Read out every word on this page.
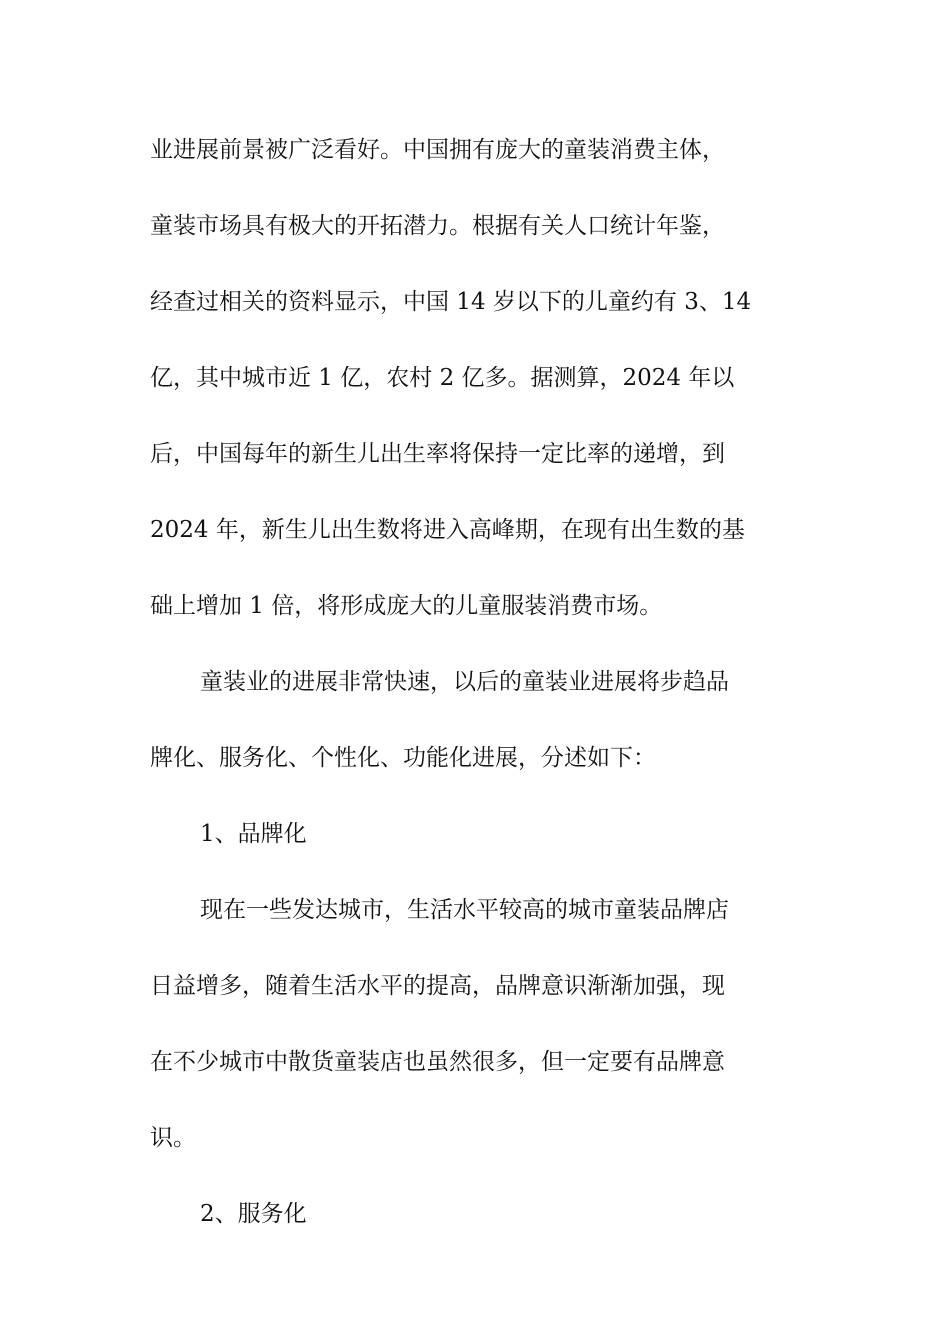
业进展前景被广泛看好。中国拥有庞大的童装消费主体，
童装市场具有极大的开拓潜力。根据有关人口统计年鉴，
经查过相关的资料显示，中国 14 岁以下的儿童约有 3、14
亿，其中城市近 1 亿，农村 2 亿多。据测算，2024 年以
后，中国每年的新生儿出生率将保持一定比率的递增，到
2024 年，新生儿出生数将进入高峰期，在现有出生数的基
础上增加 1 倍，将形成庞大的儿童服装消费市场。
童装业的进展非常快速，以后的童装业进展将步趋品
牌化、服务化、个性化、功能化进展，分述如下：
1、品牌化
现在一些发达城市，生活水平较高的城市童装品牌店
日益增多，随着生活水平的提高，品牌意识渐渐加强，现
在不少城市中散货童装店也虽然很多，但一定要有品牌意
识。
2、服务化
